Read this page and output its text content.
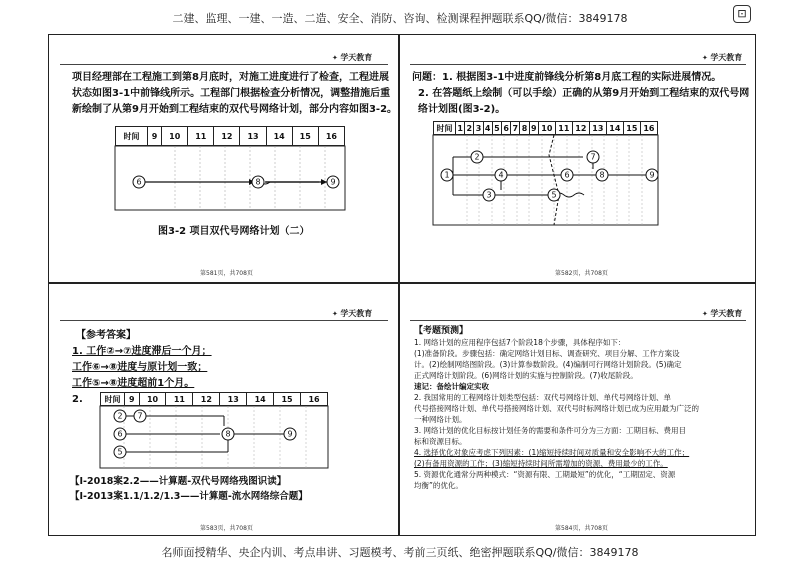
二建、监理、一建、一造、二造、安全、消防、咨询、检测课程押题联系QQ/微信：3849178	⊡
✦ 学天教育
项目经理部在工程施工到第8月底时，对施工进度进行了检查，工程进展
状态如图3-1中前锋线所示。工程部门根据检查分析情况，调整措施后重
新绘制了从第9月开始到工程结束的双代号网络计划，部分内容如图3-2。
时间	9	10	11	12	13	14	15	16
6	8	9
图3-2 项目双代号网络计划（二）
第581页，共708页
✦ 学天教育
问题：1. 根据图3-1中进度前锋线分析第8月底工程的实际进展情况。
2. 在答题纸上绘制（可以手绘）正确的从第9月开始到工程结束的双代号网
络计划图(图3-2)。
时间	1	2	3	4	5	6	7	8	9	10	11	12	13	14	15	16
1
2
3
4
5
6
7
8	9
第582页，共708页
✦ 学天教育
【参考答案】
1. 工作②→⑦进度滞后一个月；
工作⑥→⑧进度与原计划一致；
工作⑤→⑧进度超前1个月。
2.	时间	9	10	11	12	13	14	15	16
2 7
6
5
8	9
【Ⅰ-2018案2.2——计算题-双代号网络残图识读】
【Ⅰ-2013案1.1/1.2/1.3——计算题-流水网络综合题】
第583页，共708页
✦ 学天教育
【考题预测】
1. 网络计划的应用程序包括7个阶段18个步骤，具体程序如下：
(1)准备阶段。步骤包括：确定网络计划目标、调查研究、项目分解、工作方案设
计。(2)绘制网络图阶段。(3)计算参数阶段。(4)编制可行网络计划阶段。(5)确定
正式网络计划阶段。(6)网络计划的实施与控制阶段。(7)收尾阶段。
速记：备绘计编定实收
2. 我国常用的工程网络计划类型包括：双代号网络计划、单代号网络计划、单
代号搭接网络计划、单代号搭接网络计划、双代号时标网络计划已成为应用最为广泛的
一种网络计划。
3. 网络计划的优化目标按计划任务的需要和条件可分为三方面：工期目标、费用目
标和资源目标。
4. 选择优化对象应考虑下列因素：(1)缩短持续时间对质量和安全影响不大的工作；
(2)有备用资源的工作；(3)缩短持续时间所需增加的资源、费用最少的工作。
5. 资源优化通常分两种模式：“资源有限、工期最短”的优化，“工期固定、资源
均衡”的优化。
第584页，共708页
名师面授精华、央企内训、考点串讲、习题模考、考前三页纸、绝密押题联系QQ/微信：3849178
